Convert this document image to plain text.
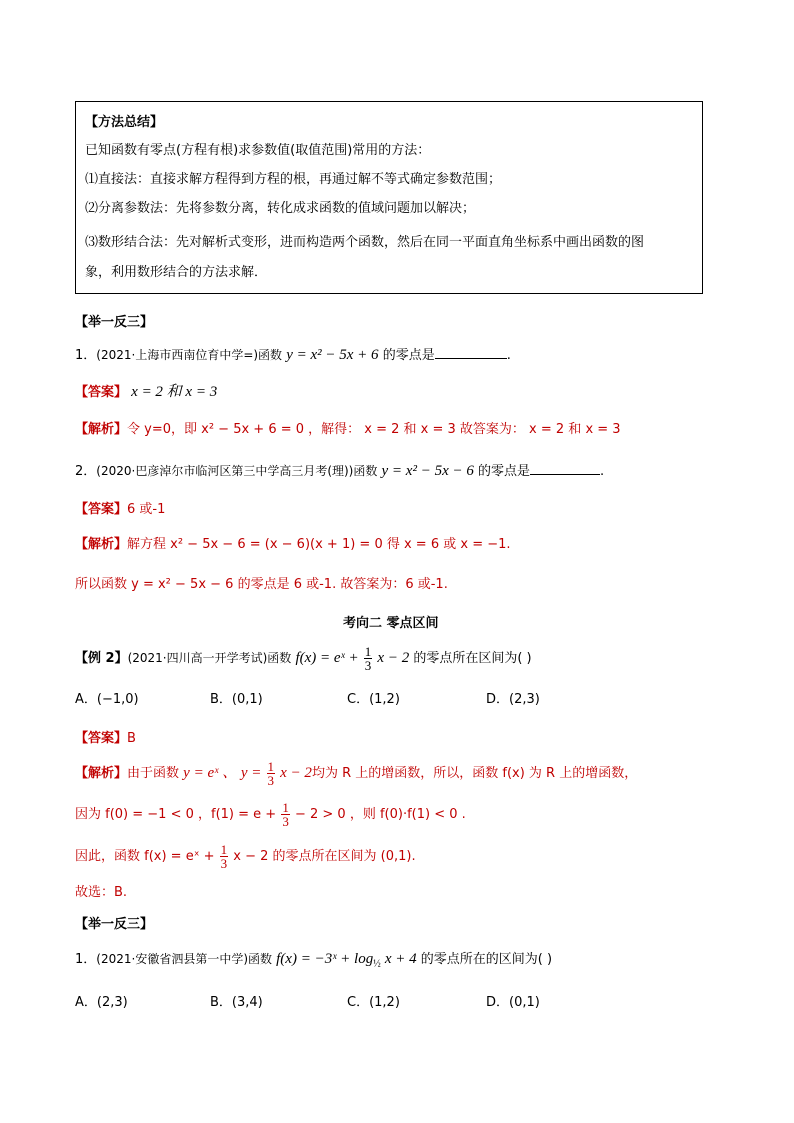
【方法总结】
已知函数有零点(方程有根)求参数值(取值范围)常用的方法：
⑴直接法：直接求解方程得到方程的根，再通过解不等式确定参数范围；
⑵分离参数法：先将参数分离，转化成求函数的值域问题加以解决；
⑶数形结合法：先对解析式变形，进而构造两个函数，然后在同一平面直角坐标系中画出函数的图
象，利用数形结合的方法求解．
【举一反三】
1．(2021·上海市西南位育中学=)函数 y = x² − 5x + 6 的零点是	.
【答案】 x = 2 和 x = 3
【解析】令 y=0，即 x² − 5x + 6 = 0 ，解得： x = 2 和 x = 3 故答案为： x = 2 和 x = 3
2．(2020·巴彦淖尔市临河区第三中学高三月考(理))函数 y = x² − 5x − 6 的零点是	.
【答案】6 或-1
【解析】解方程 x² − 5x − 6 = (x − 6)(x + 1) = 0 得 x = 6 或 x = −1.
所以函数 y = x² − 5x − 6 的零点是 6 或-1. 故答案为：6 或-1.
考向二 零点区间
【例 2】(2021·四川高一开学考试)函数 f(x) = eˣ + $\frac{1}{3}$ x − 2 的零点所在区间为( )
A．(−1,0)	B．(0,1)	C．(1,2)	D．(2,3)
【答案】B
【解析】由于函数 y = eˣ 、 $y = \frac{1}{3}$ x − 2均为 R 上的增函数，所以，函数 f(x) 为 R 上的增函数，
因为 f(0) = −1 < 0 ，$f(1) = e + \frac{1}{3} - 2 > 0$ ，则 f(0)·f(1) < 0 .
因此，函数 f(x) = eˣ + $\frac{1}{3}$ x − 2 的零点所在区间为 (0,1).
故选：B.
【举一反三】
1．(2021·安徽省泗县第一中学)函数 f(x) = −3ˣ + $\log_{\frac{1}{2}} x + 4$ 的零点所在的区间为( )
A．(2,3)	B．(3,4)	C．(1,2)	D．(0,1)
